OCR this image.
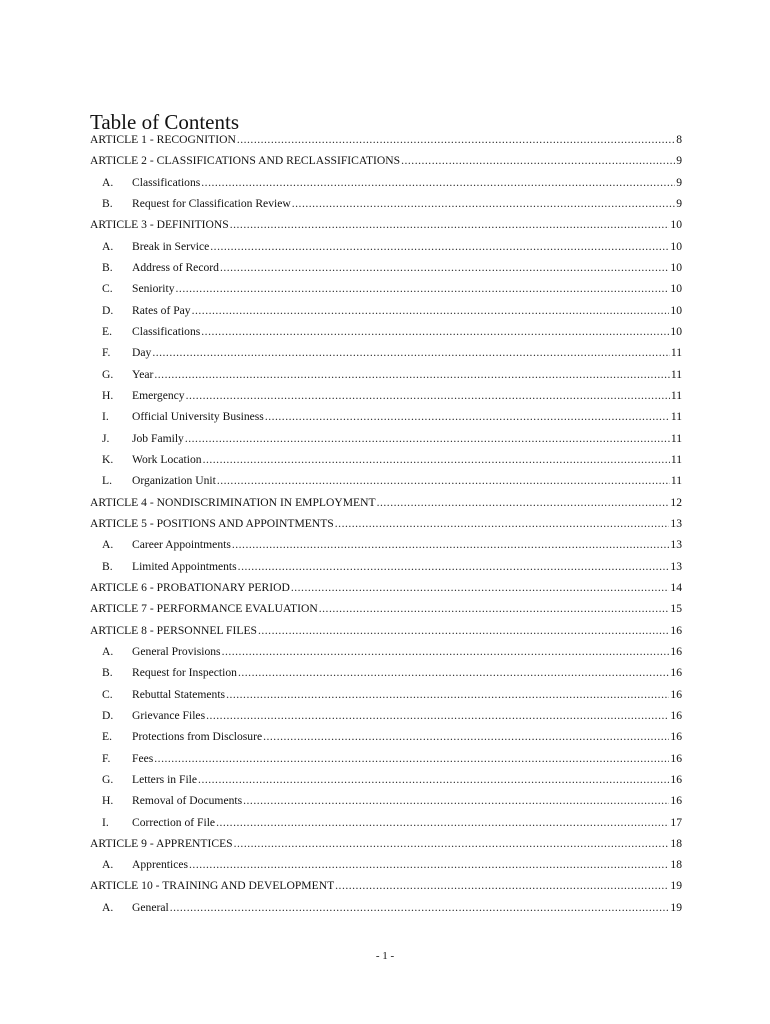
Table of Contents
ARTICLE 1 - RECOGNITION .....	8
ARTICLE 2 - CLASSIFICATIONS AND RECLASSIFICATIONS .....	9
A.	Classifications .....	9
B.	Request for Classification Review .....	9
ARTICLE 3 - DEFINITIONS .....	10
A.	Break in Service .....	10
B.	Address of Record .....	10
C.	Seniority .....	10
D.	Rates of Pay .....	10
E.	Classifications .....	10
F.	Day .....	11
G.	Year .....	11
H.	Emergency .....	11
I.	Official University Business .....	11
J.	Job Family .....	11
K.	Work Location .....	11
L.	Organization Unit .....	11
ARTICLE 4 - NONDISCRIMINATION IN EMPLOYMENT .....	12
ARTICLE 5 - POSITIONS AND APPOINTMENTS .....	13
A.	Career Appointments .....	13
B.	Limited Appointments .....	13
ARTICLE 6 - PROBATIONARY PERIOD .....	14
ARTICLE 7 - PERFORMANCE EVALUATION .....	15
ARTICLE 8 - PERSONNEL FILES .....	16
A.	General Provisions .....	16
B.	Request for Inspection .....	16
C.	Rebuttal Statements .....	16
D.	Grievance Files .....	16
E.	Protections from Disclosure .....	16
F.	Fees .....	16
G.	Letters in File .....	16
H.	Removal of Documents .....	16
I.	Correction of File .....	17
ARTICLE 9 - APPRENTICES .....	18
A.	Apprentices .....	18
ARTICLE 10 - TRAINING AND DEVELOPMENT .....	19
A.	General .....	19
- 1 -
